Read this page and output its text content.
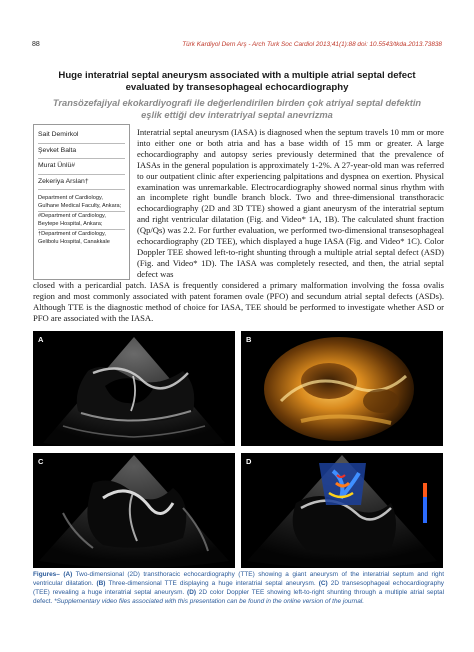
88	Türk Kardiyol Dern Arş - Arch Turk Soc Cardiol 2013;41(1):88 doi: 10.5543/tkda.2013.73838
Huge interatrial septal aneurysm associated with a multiple atrial septal defect
evaluated by transesophageal echocardiography
Transözefajiyal ekokardiyografi ile değerlendirilen birden çok atriyal septal defektin
eşlik ettiği dev interatriyal septal anevrizma
Sait Demirkol
Şevket Balta
Murat Ünlü#
Zekeriya Arslan†
Department of Cardiology, Gulhane Medical Faculty, Ankara;
#Department of Cardiology, Beytepe Hospital, Ankara;
†Department of Cardiology, Gelibolu Hospital, Canakkale
Interatrial septal aneurysm (IASA) is diagnosed when the septum travels 10 mm or more into either one or both atria and has a base width of 15 mm or greater. A large echocardiography and autopsy series previously determined that the prevalence of IASAs in the general population is approximately 1-2%. A 27-year-old man was referred to our outpatient clinic after experiencing palpitations and dyspnea on exertion. Physical examination was unremarkable. Electrocardiography showed normal sinus rhythm with an incomplete right bundle branch block. Two and three-dimensional transthoracic echocardiography (2D and 3D TTE) showed a giant aneurysm of the interatrial septum and right ventricular dilatation (Fig. and Video* 1A, 1B). The calculated shunt fraction (Qp/Qs) was 2.2. For further evaluation, we performed two-dimensional transesophageal echocardiography (2D TEE), which displayed a huge IASA (Fig. and Video* 1C). Color Doppler TEE showed left-to-right shunting through a multiple atrial septal defect (ASD) (Fig. and Video* 1D). The IASA was completely resected, and then, the atrial septal defect was
closed with a pericardial patch. IASA is frequently considered a primary malformation involving the fossa ovalis region and most commonly associated with patent foramen ovale (PFO) and secundum atrial septal defects (ASDs). Although TTE is the diagnostic method of choice for IASA, TEE should be performed to investigate whether ASD or PFO are associated with the IASA.
A	B
C	D
Figures– (A) Two-dimensional (2D) transthoracic echocardiography (TTE) showing a giant aneurysm of the interatrial septum and right ventricular dilatation. (B) Three-dimensional TTE displaying a huge interatrial septal aneurysm. (C) 2D transesophageal echocardiography (TEE) revealing a huge interatrial septal aneurysm. (D) 2D color Doppler TEE showing left-to-right shunting through a multiple atrial septal defect. *Supplementary video files associated with this presentation can be found in the online version of the journal.
